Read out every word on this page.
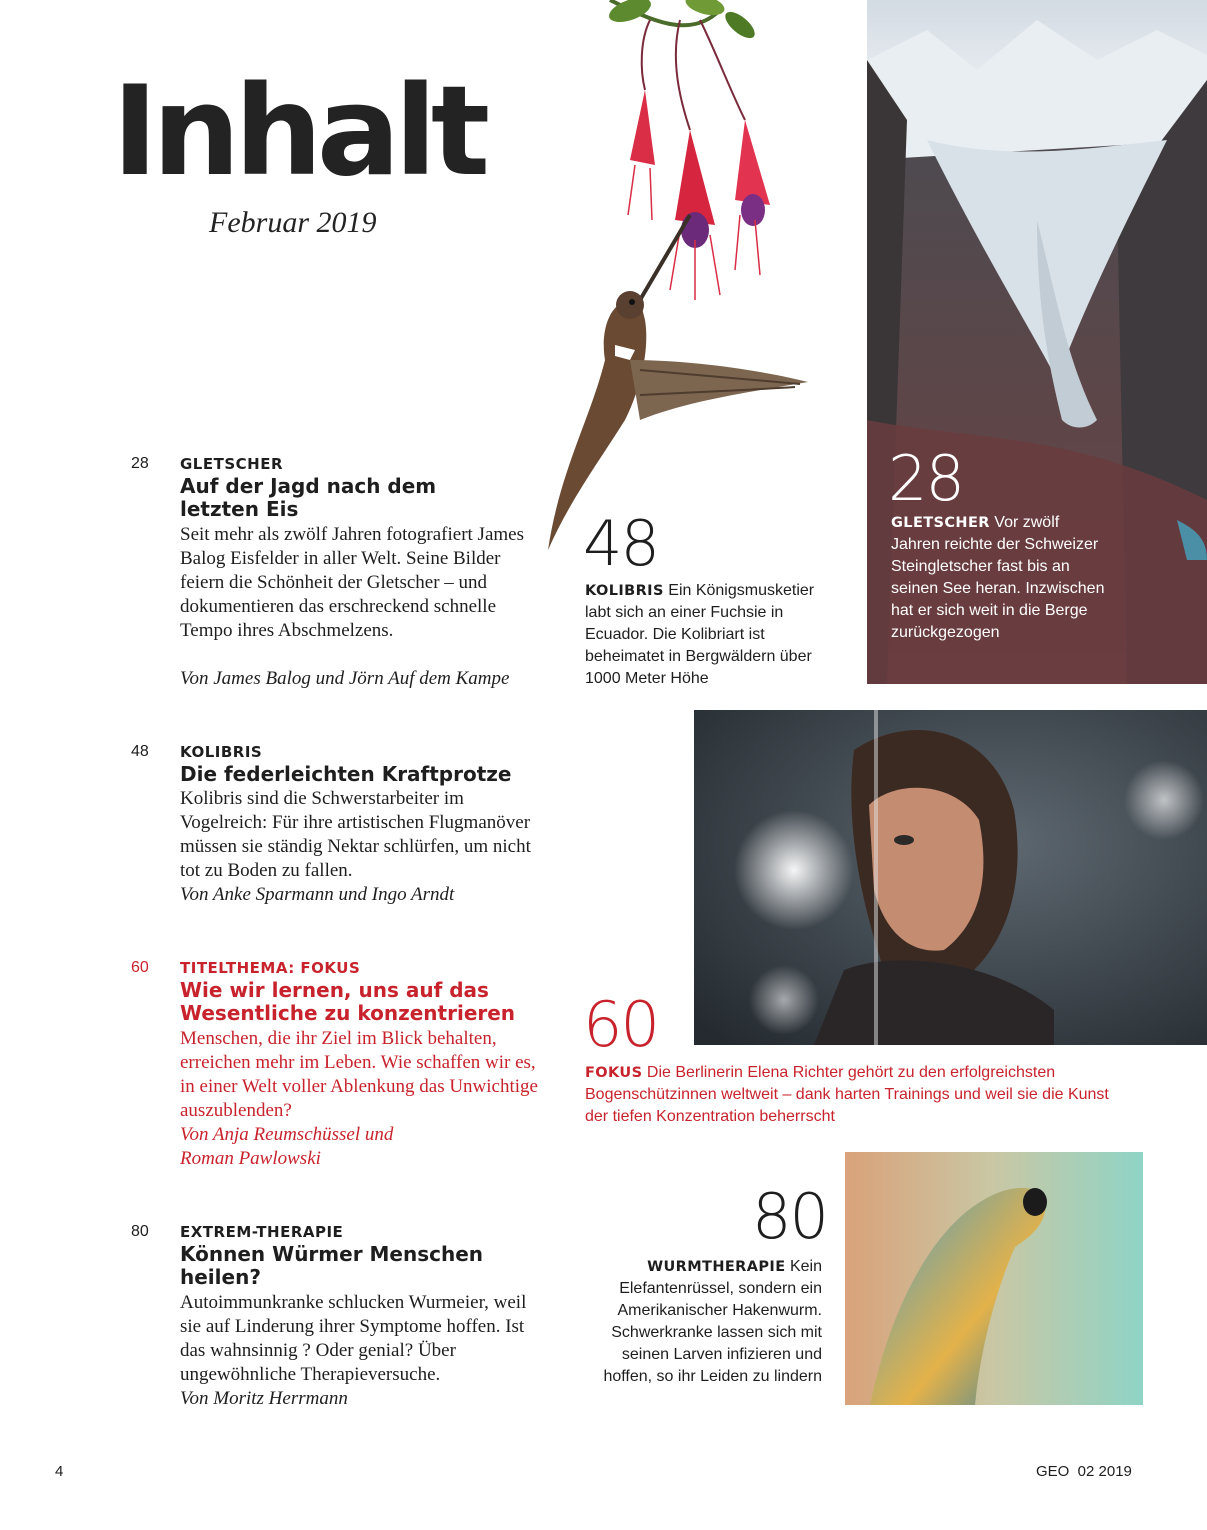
Inhalt
Februar 2019
28
GLETSCHER Vor zwölf Jahren reichte der Schweizer Steingletscher fast bis an seinen See heran. Inzwischen hat er sich weit in die Berge zurückgezogen
48
KOLIBRIS Ein Königsmusketier labt sich an einer Fuchsie in Ecuador. Die Kolibriart ist beheimatet in Bergwäldern über 1000 Meter Höhe
60
FOKUS Die Berlinerin Elena Richter gehört zu den erfolgreichsten Bogenschützinnen weltweit – dank harten Trainings und weil sie die Kunst der tiefen Konzentration beherrscht
80
WURMTHERAPIE Kein Elefantenrüssel, sondern ein Amerikanischer Hakenwurm. Schwerkranke lassen sich mit seinen Larven infizieren und hoffen, so ihr Leiden zu lindern
28 GLETSCHER
Auf der Jagd nach dem letzten Eis
Seit mehr als zwölf Jahren fotografiert James Balog Eisfelder in aller Welt. Seine Bilder feiern die Schönheit der Gletscher – und dokumentieren das erschreckend schnelle Tempo ihres Abschmelzens.
Von James Balog und Jörn Auf dem Kampe
48 KOLIBRIS
Die federleichten Kraftprotze
Kolibris sind die Schwerstarbeiter im Vogelreich: Für ihre artistischen Flugmanöver müssen sie ständig Nektar schlürfen, um nicht tot zu Boden zu fallen.
Von Anke Sparmann und Ingo Arndt
60 TITELTHEMA: FOKUS
Wie wir lernen, uns auf das Wesentliche zu konzentrieren
Menschen, die ihr Ziel im Blick behalten, erreichen mehr im Leben. Wie schaffen wir es, in einer Welt voller Ablenkung das Unwichtige auszublenden?
Von Anja Reumschüssel und Roman Pawlowski
80 EXTREM-THERAPIE
Können Würmer Menschen heilen?
Autoimmunkranke schlucken Wurmeier, weil sie auf Linderung ihrer Symptome hoffen. Ist das wahnsinnig ? Oder genial? Über ungewöhnliche Therapieversuche.
Von Moritz Herrmann
4	GEO  02 2019
